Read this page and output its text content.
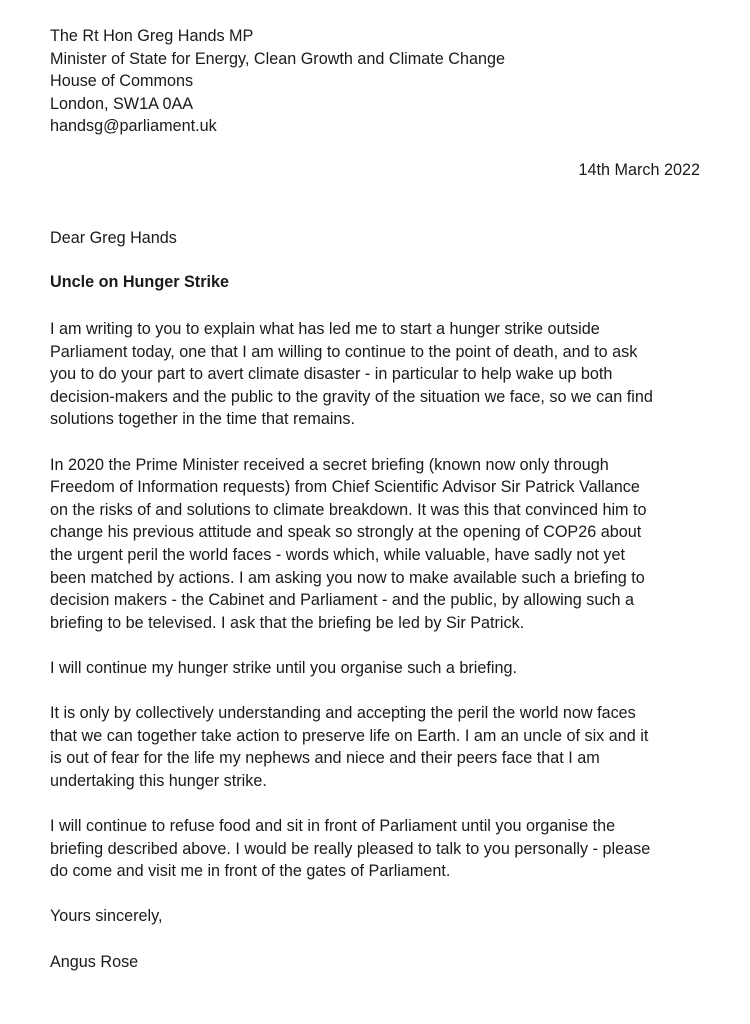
The Rt Hon Greg Hands MP
Minister of State for Energy, Clean Growth and Climate Change
House of Commons
London, SW1A 0AA
handsg@parliament.uk
14th March 2022
Dear Greg Hands
Uncle on Hunger Strike
I am writing to you to explain what has led me to start a hunger strike outside
Parliament today, one that I am willing to continue to the point of death, and to ask
you to do your part to avert climate disaster - in particular to help wake up both
decision-makers and the public to the gravity of the situation we face, so we can find
solutions together in the time that remains.
In 2020 the Prime Minister received a secret briefing (known now only through
Freedom of Information requests) from Chief Scientific Advisor Sir Patrick Vallance
on the risks of and solutions to climate breakdown. It was this that convinced him to
change his previous attitude and speak so strongly at the opening of COP26 about
the urgent peril the world faces - words which, while valuable, have sadly not yet
been matched by actions. I am asking you now to make available such a briefing to
decision makers - the Cabinet and Parliament - and the public, by allowing such a
briefing to be televised. I ask that the briefing be led by Sir Patrick.
I will continue my hunger strike until you organise such a briefing.
It is only by collectively understanding and accepting the peril the world now faces
that we can together take action to preserve life on Earth. I am an uncle of six and it
is out of fear for the life my nephews and niece and their peers face that I am
undertaking this hunger strike.
I will continue to refuse food and sit in front of Parliament until you organise the
briefing described above. I would be really pleased to talk to you personally - please
do come and visit me in front of the gates of Parliament.
Yours sincerely,
Angus Rose
